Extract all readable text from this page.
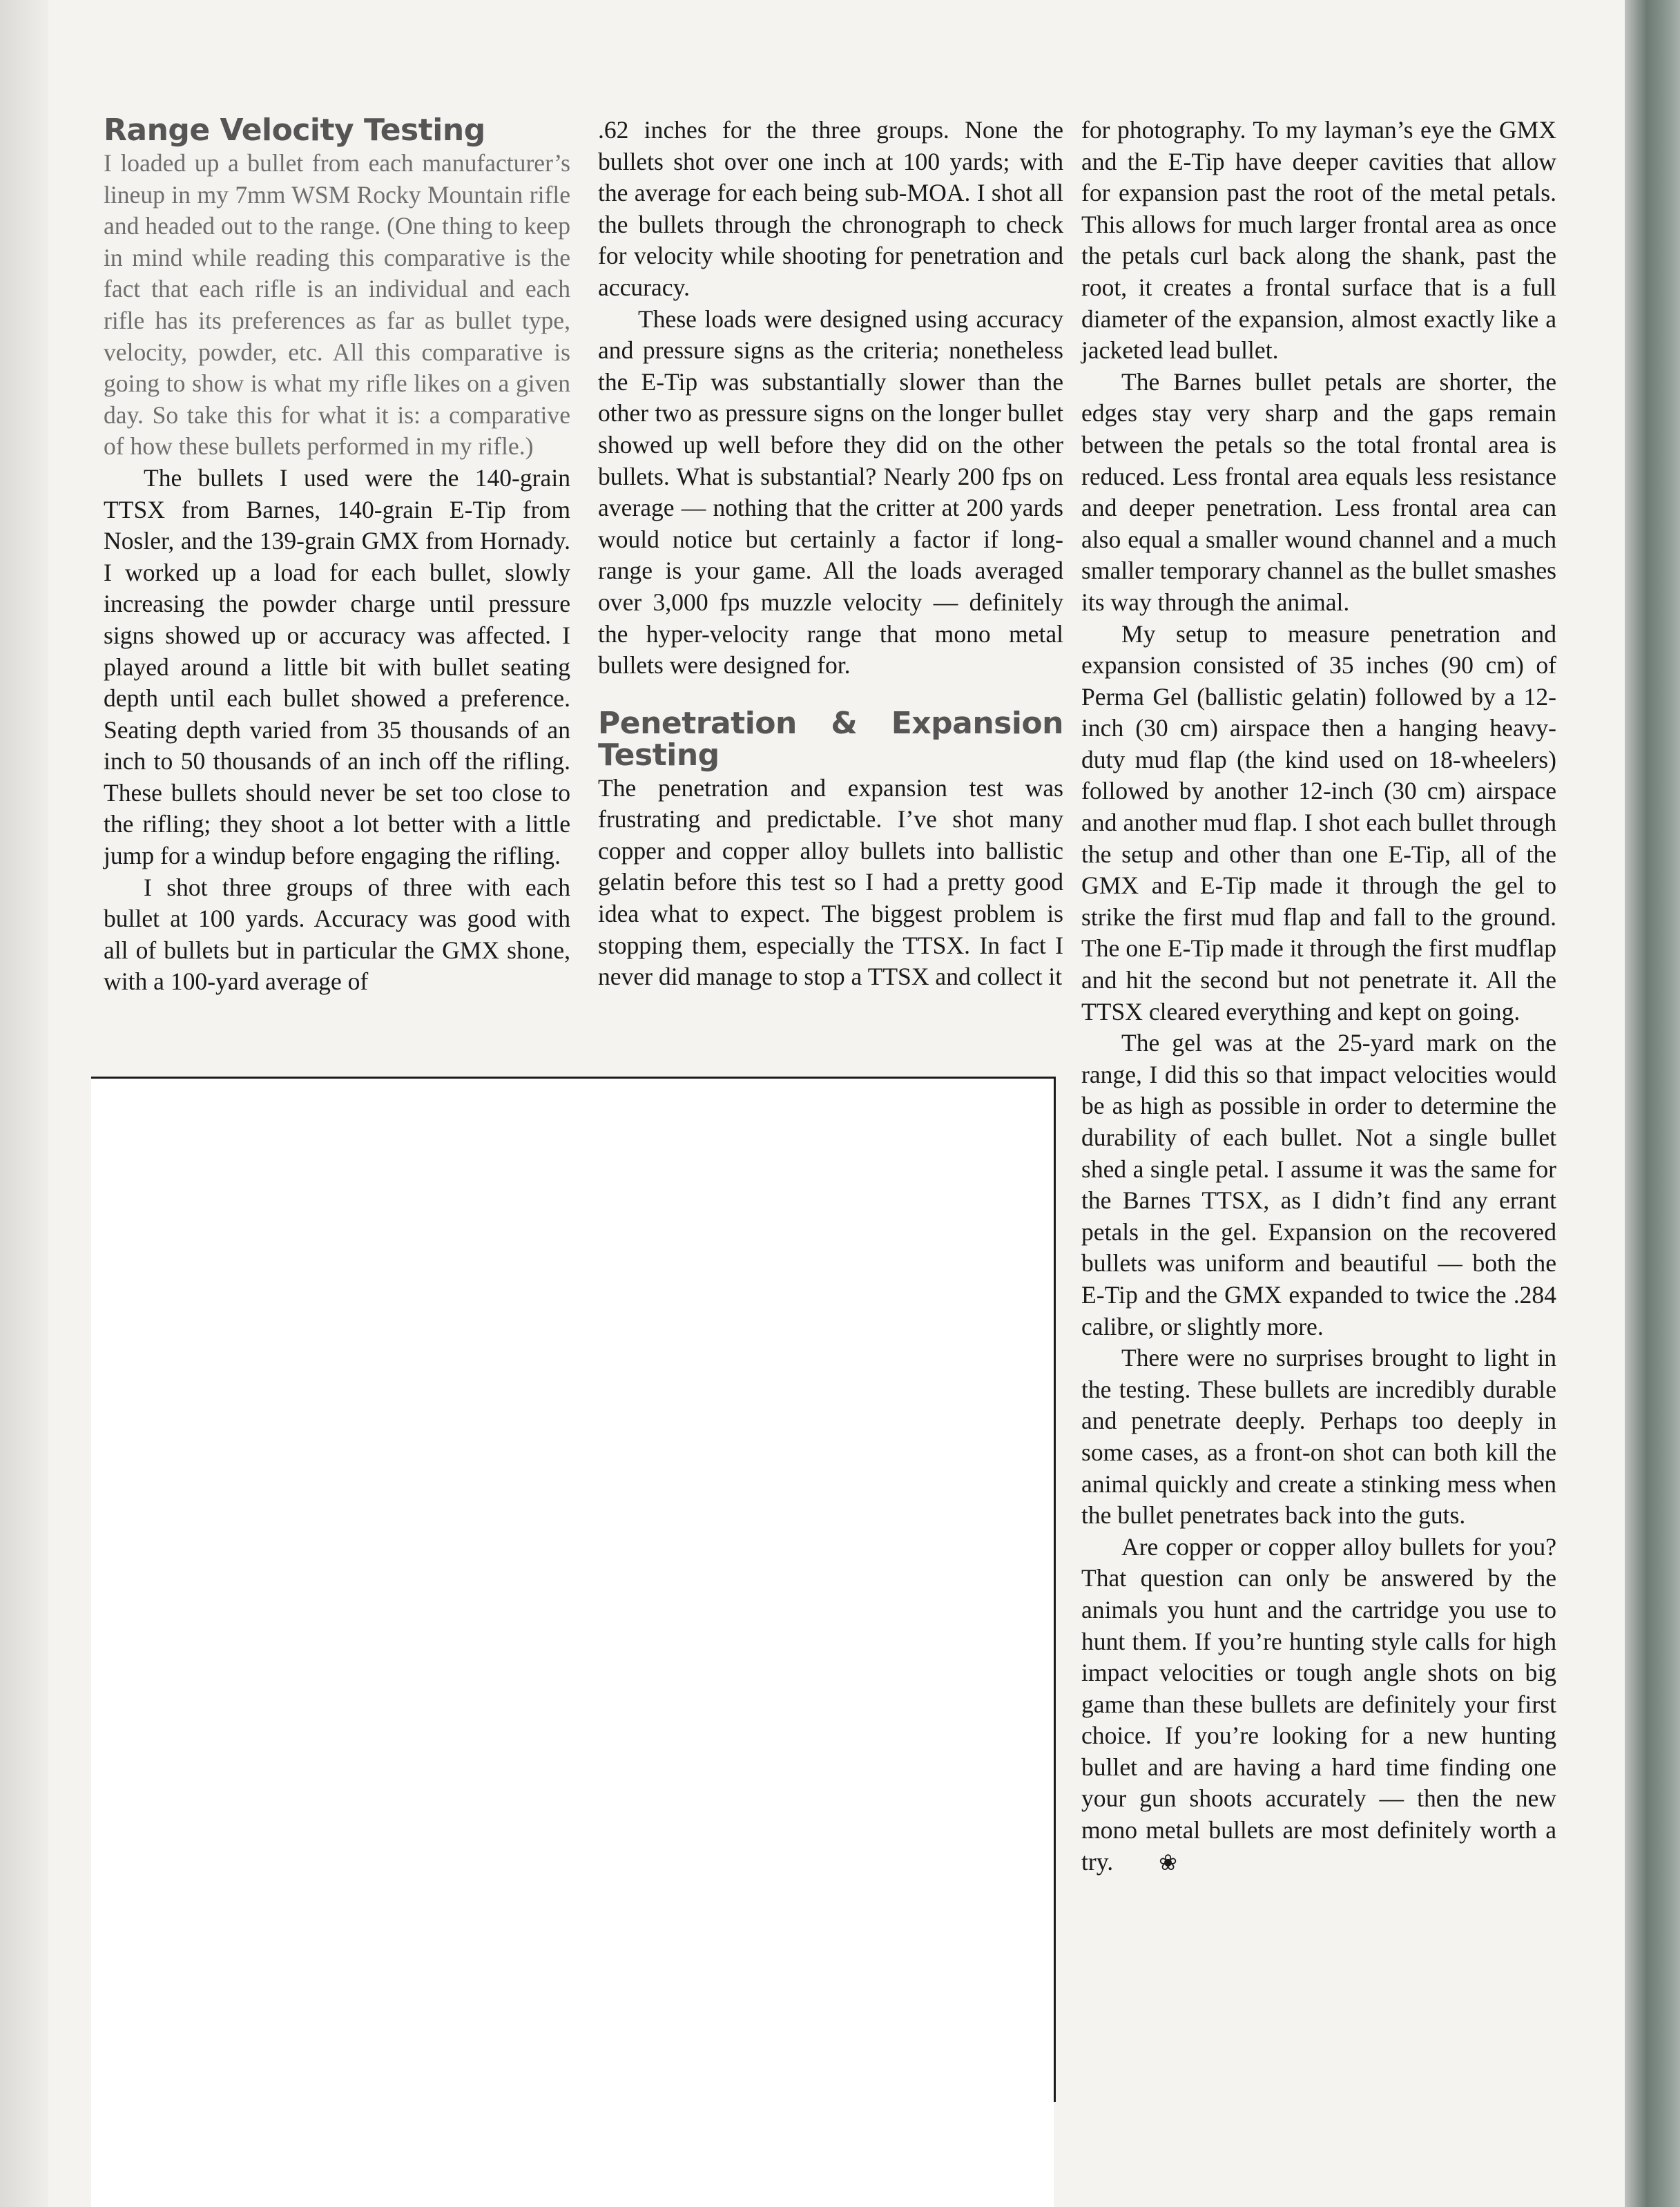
Range Velocity Testing

I loaded up a bullet from each manufacturer’s lineup in my 7mm WSM Rocky Mountain rifle and headed out to the range. (One thing to keep in mind while reading this comparative is the fact that each rifle is an individual and each rifle has its preferences as far as bullet type, velocity, powder, etc. All this comparative is going to show is what my rifle likes on a given day. So take this for what it is: a comparative of how these bullets performed in my rifle.)

The bullets I used were the 140-grain TTSX from Barnes, 140-grain E-Tip from Nosler, and the 139-grain GMX from Hornady. I worked up a load for each bullet, slowly increasing the powder charge until pressure signs showed up or accuracy was affected. I played around a little bit with bullet seating depth until each bullet showed a preference. Seating depth varied from 35 thousands of an inch to 50 thousands of an inch off the rifling. These bullets should never be set too close to the rifling; they shoot a lot better with a little jump for a windup before engaging the rifling.

I shot three groups of three with each bullet at 100 yards. Accuracy was good with all of bullets but in particular the GMX shone, with a 100-yard average of

.62 inches for the three groups. None the bullets shot over one inch at 100 yards; with the average for each being sub-MOA. I shot all the bullets through the chronograph to check for velocity while shooting for penetration and accuracy.

These loads were designed using accuracy and pressure signs as the criteria; nonetheless the E-Tip was substantially slower than the other two as pressure signs on the longer bullet showed up well before they did on the other bullets. What is substantial? Nearly 200 fps on average — nothing that the critter at 200 yards would notice but certainly a factor if long-range is your game. All the loads averaged over 3,000 fps muzzle velocity — definitely the hyper-velocity range that mono metal bullets were designed for.

Penetration & Expansion Testing

The penetration and expansion test was frustrating and predictable. I’ve shot many copper and copper alloy bullets into ballistic gelatin before this test so I had a pretty good idea what to expect. The biggest problem is stopping them, especially the TTSX. In fact I never did manage to stop a TTSX and collect it

for photography. To my layman’s eye the GMX and the E-Tip have deeper cavities that allow for expansion past the root of the metal petals. This allows for much larger frontal area as once the petals curl back along the shank, past the root, it creates a frontal surface that is a full diameter of the expansion, almost exactly like a jacketed lead bullet.

The Barnes bullet petals are shorter, the edges stay very sharp and the gaps remain between the petals so the total frontal area is reduced. Less frontal area equals less resistance and deeper penetration. Less frontal area can also equal a smaller wound channel and a much smaller temporary channel as the bullet smashes its way through the animal.

My setup to measure penetration and expansion consisted of 35 inches (90 cm) of Perma Gel (ballistic gelatin) followed by a 12-inch (30 cm) airspace then a hanging heavy-duty mud flap (the kind used on 18-wheelers) followed by another 12-inch (30 cm) airspace and another mud flap. I shot each bullet through the setup and other than one E-Tip, all of the GMX and E-Tip made it through the gel to strike the first mud flap and fall to the ground. The one E-Tip made it through the first mudflap and hit the second but not penetrate it. All the TTSX cleared everything and kept on going.

The gel was at the 25-yard mark on the range, I did this so that impact velocities would be as high as possible in order to determine the durability of each bullet. Not a single bullet shed a single petal. I assume it was the same for the Barnes TTSX, as I didn’t find any errant petals in the gel. Expansion on the recovered bullets was uniform and beautiful — both the E-Tip and the GMX expanded to twice the .284 calibre, or slightly more.

There were no surprises brought to light in the testing. These bullets are incredibly durable and penetrate deeply. Perhaps too deeply in some cases, as a front-on shot can both kill the animal quickly and create a stinking mess when the bullet penetrates back into the guts.

Are copper or copper alloy bullets for you? That question can only be answered by the animals you hunt and the cartridge you use to hunt them. If you’re hunting style calls for high impact velocities or tough angle shots on big game than these bullets are definitely your first choice. If you’re looking for a new hunting bullet and are having a hard time finding one your gun shoots accurately — then the new mono metal bullets are most definitely worth a try. ❀
